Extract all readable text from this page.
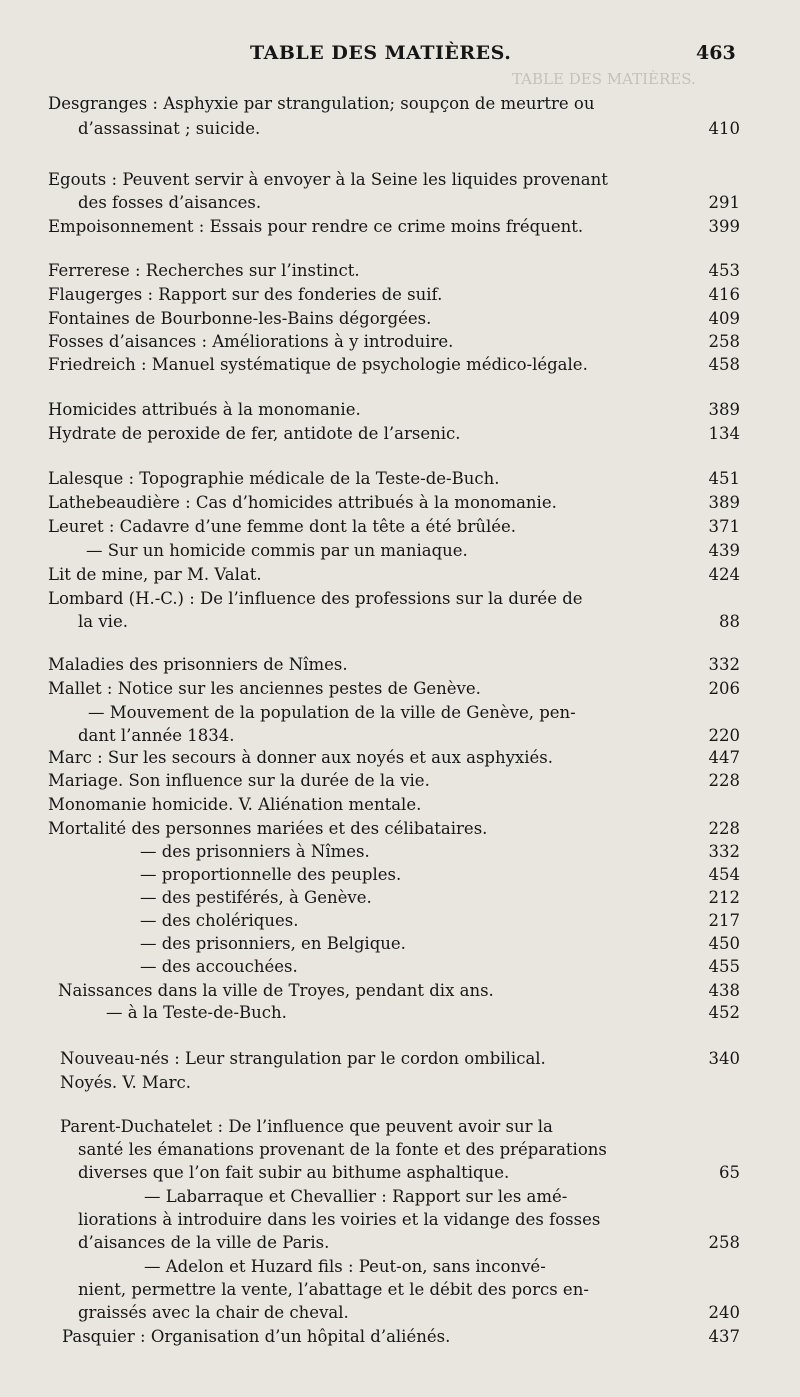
TABLE DES MATIÈRES.
TABLE DES MATIÈRES.	463
Desgranges : Asphyxie par strangulation; soupçon de meurtre ou
d’assassinat ; suicide.	410
Egouts : Peuvent servir à envoyer à la Seine les liquides provenant
des fosses d’aisances.	291
Empoisonnement : Essais pour rendre ce crime moins fréquent.	399
Ferrerese : Recherches sur l’instinct.	453
Flaugerges : Rapport sur des fonderies de suif.	416
Fontaines de Bourbonne-les-Bains dégorgées.	409
Fosses d’aisances : Améliorations à y introduire.	258
Friedreich : Manuel systématique de psychologie médico-légale.	458
Homicides attribués à la monomanie.	389
Hydrate de peroxide de fer, antidote de l’arsenic.	134
Lalesque : Topographie médicale de la Teste-de-Buch.	451
Lathebeaudière : Cas d’homicides attribués à la monomanie.	389
Leuret : Cadavre d’une femme dont la tête a été brûlée.	371
— Sur un homicide commis par un maniaque.	439
Lit de mine, par M. Valat.	424
Lombard (H.-C.) : De l’influence des professions sur la durée de
la vie.	88
Maladies des prisonniers de Nîmes.	332
Mallet : Notice sur les anciennes pestes de Genève.	206
— Mouvement de la population de la ville de Genève, pen-
dant l’année 1834.	220
Marc : Sur les secours à donner aux noyés et aux asphyxiés.	447
Mariage. Son influence sur la durée de la vie.	228
Monomanie homicide. V. Aliénation mentale.
Mortalité des personnes mariées et des célibataires.	228
— des prisonniers à Nîmes.	332
— proportionnelle des peuples.	454
— des pestiférés, à Genève.	212
— des cholériques.	217
— des prisonniers, en Belgique.	450
— des accouchées.	455
Naissances dans la ville de Troyes, pendant dix ans.	438
— à la Teste-de-Buch.	452
Nouveau-nés : Leur strangulation par le cordon ombilical.	340
Noyés. V. Marc.
Parent-Duchatelet : De l’influence que peuvent avoir sur la
santé les émanations provenant de la fonte et des préparations
diverses que l’on fait subir au bithume asphaltique.	65
— Labarraque et Chevallier : Rapport sur les amé-
liorations à introduire dans les voiries et la vidange des fosses
d’aisances de la ville de Paris.	258
— Adelon et Huzard fils : Peut-on, sans inconvé-
nient, permettre la vente, l’abattage et le débit des porcs en-
graissés avec la chair de cheval.	240
Pasquier : Organisation d’un hôpital d’aliénés.	437
